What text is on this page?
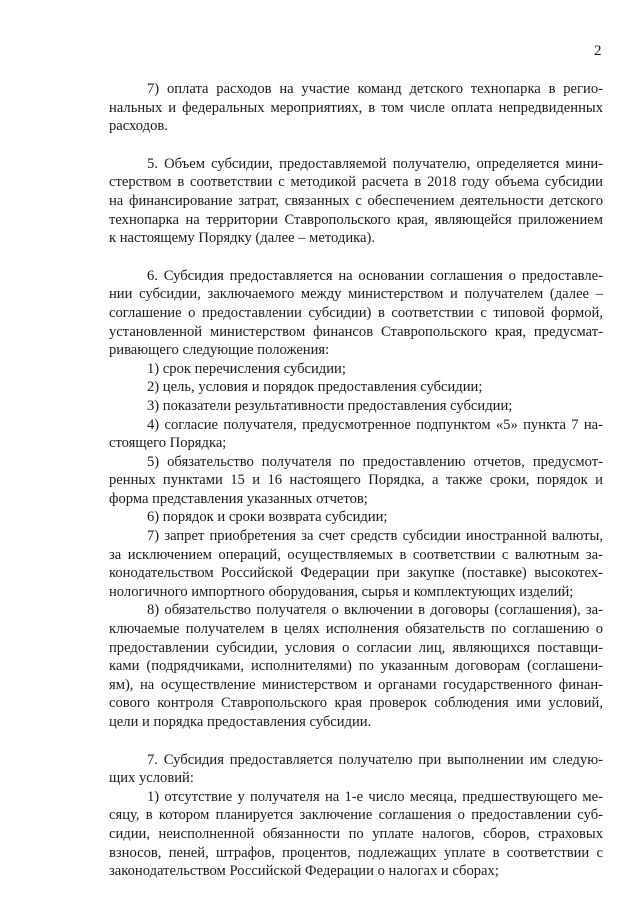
2
7) оплата расходов на участие команд детского технопарка в регио-
нальных и федеральных мероприятиях, в том числе оплата непредвиденных
расходов.
5. Объем субсидии, предоставляемой получателю, определяется мини-
стерством в соответствии с методикой расчета в 2018 году объема субсидии
на финансирование затрат, связанных с обеспечением деятельности детского
технопарка на территории Ставропольского края, являющейся приложением
к настоящему Порядку (далее – методика).
6. Субсидия предоставляется на основании соглашения о предоставле-
нии субсидии, заключаемого между министерством и получателем (далее –
соглашение о предоставлении субсидии) в соответствии с типовой формой,
установленной министерством финансов Ставропольского края, предусмат-
ривающего следующие положения:
1) срок перечисления субсидии;
2) цель, условия и порядок предоставления субсидии;
3) показатели результативности предоставления субсидии;
4) согласие получателя, предусмотренное подпунктом «5» пункта 7 на-
стоящего Порядка;
5) обязательство получателя по предоставлению отчетов, предусмот-
ренных пунктами 15 и 16 настоящего Порядка, а также сроки, порядок и
форма представления указанных отчетов;
6) порядок и сроки возврата субсидии;
7) запрет приобретения за счет средств субсидии иностранной валюты,
за исключением операций, осуществляемых в соответствии с валютным за-
конодательством Российской Федерации при закупке (поставке) высокотех-
нологичного импортного оборудования, сырья и комплектующих изделий;
8) обязательство получателя о включении в договоры (соглашения), за-
ключаемые получателем в целях исполнения обязательств по соглашению о
предоставлении субсидии, условия о согласии лиц, являющихся поставщи-
ками (подрядчиками, исполнителями) по указанным договорам (соглашени-
ям), на осуществление министерством и органами государственного финан-
сового контроля Ставропольского края проверок соблюдения ими условий,
цели и порядка предоставления субсидии.
7. Субсидия предоставляется получателю при выполнении им следую-
щих условий:
1) отсутствие у получателя на 1-е число месяца, предшествующего ме-
сяцу, в котором планируется заключение соглашения о предоставлении суб-
сидии, неисполненной обязанности по уплате налогов, сборов, страховых
взносов, пеней, штрафов, процентов, подлежащих уплате в соответствии с
законодательством Российской Федерации о налогах и сборах;
